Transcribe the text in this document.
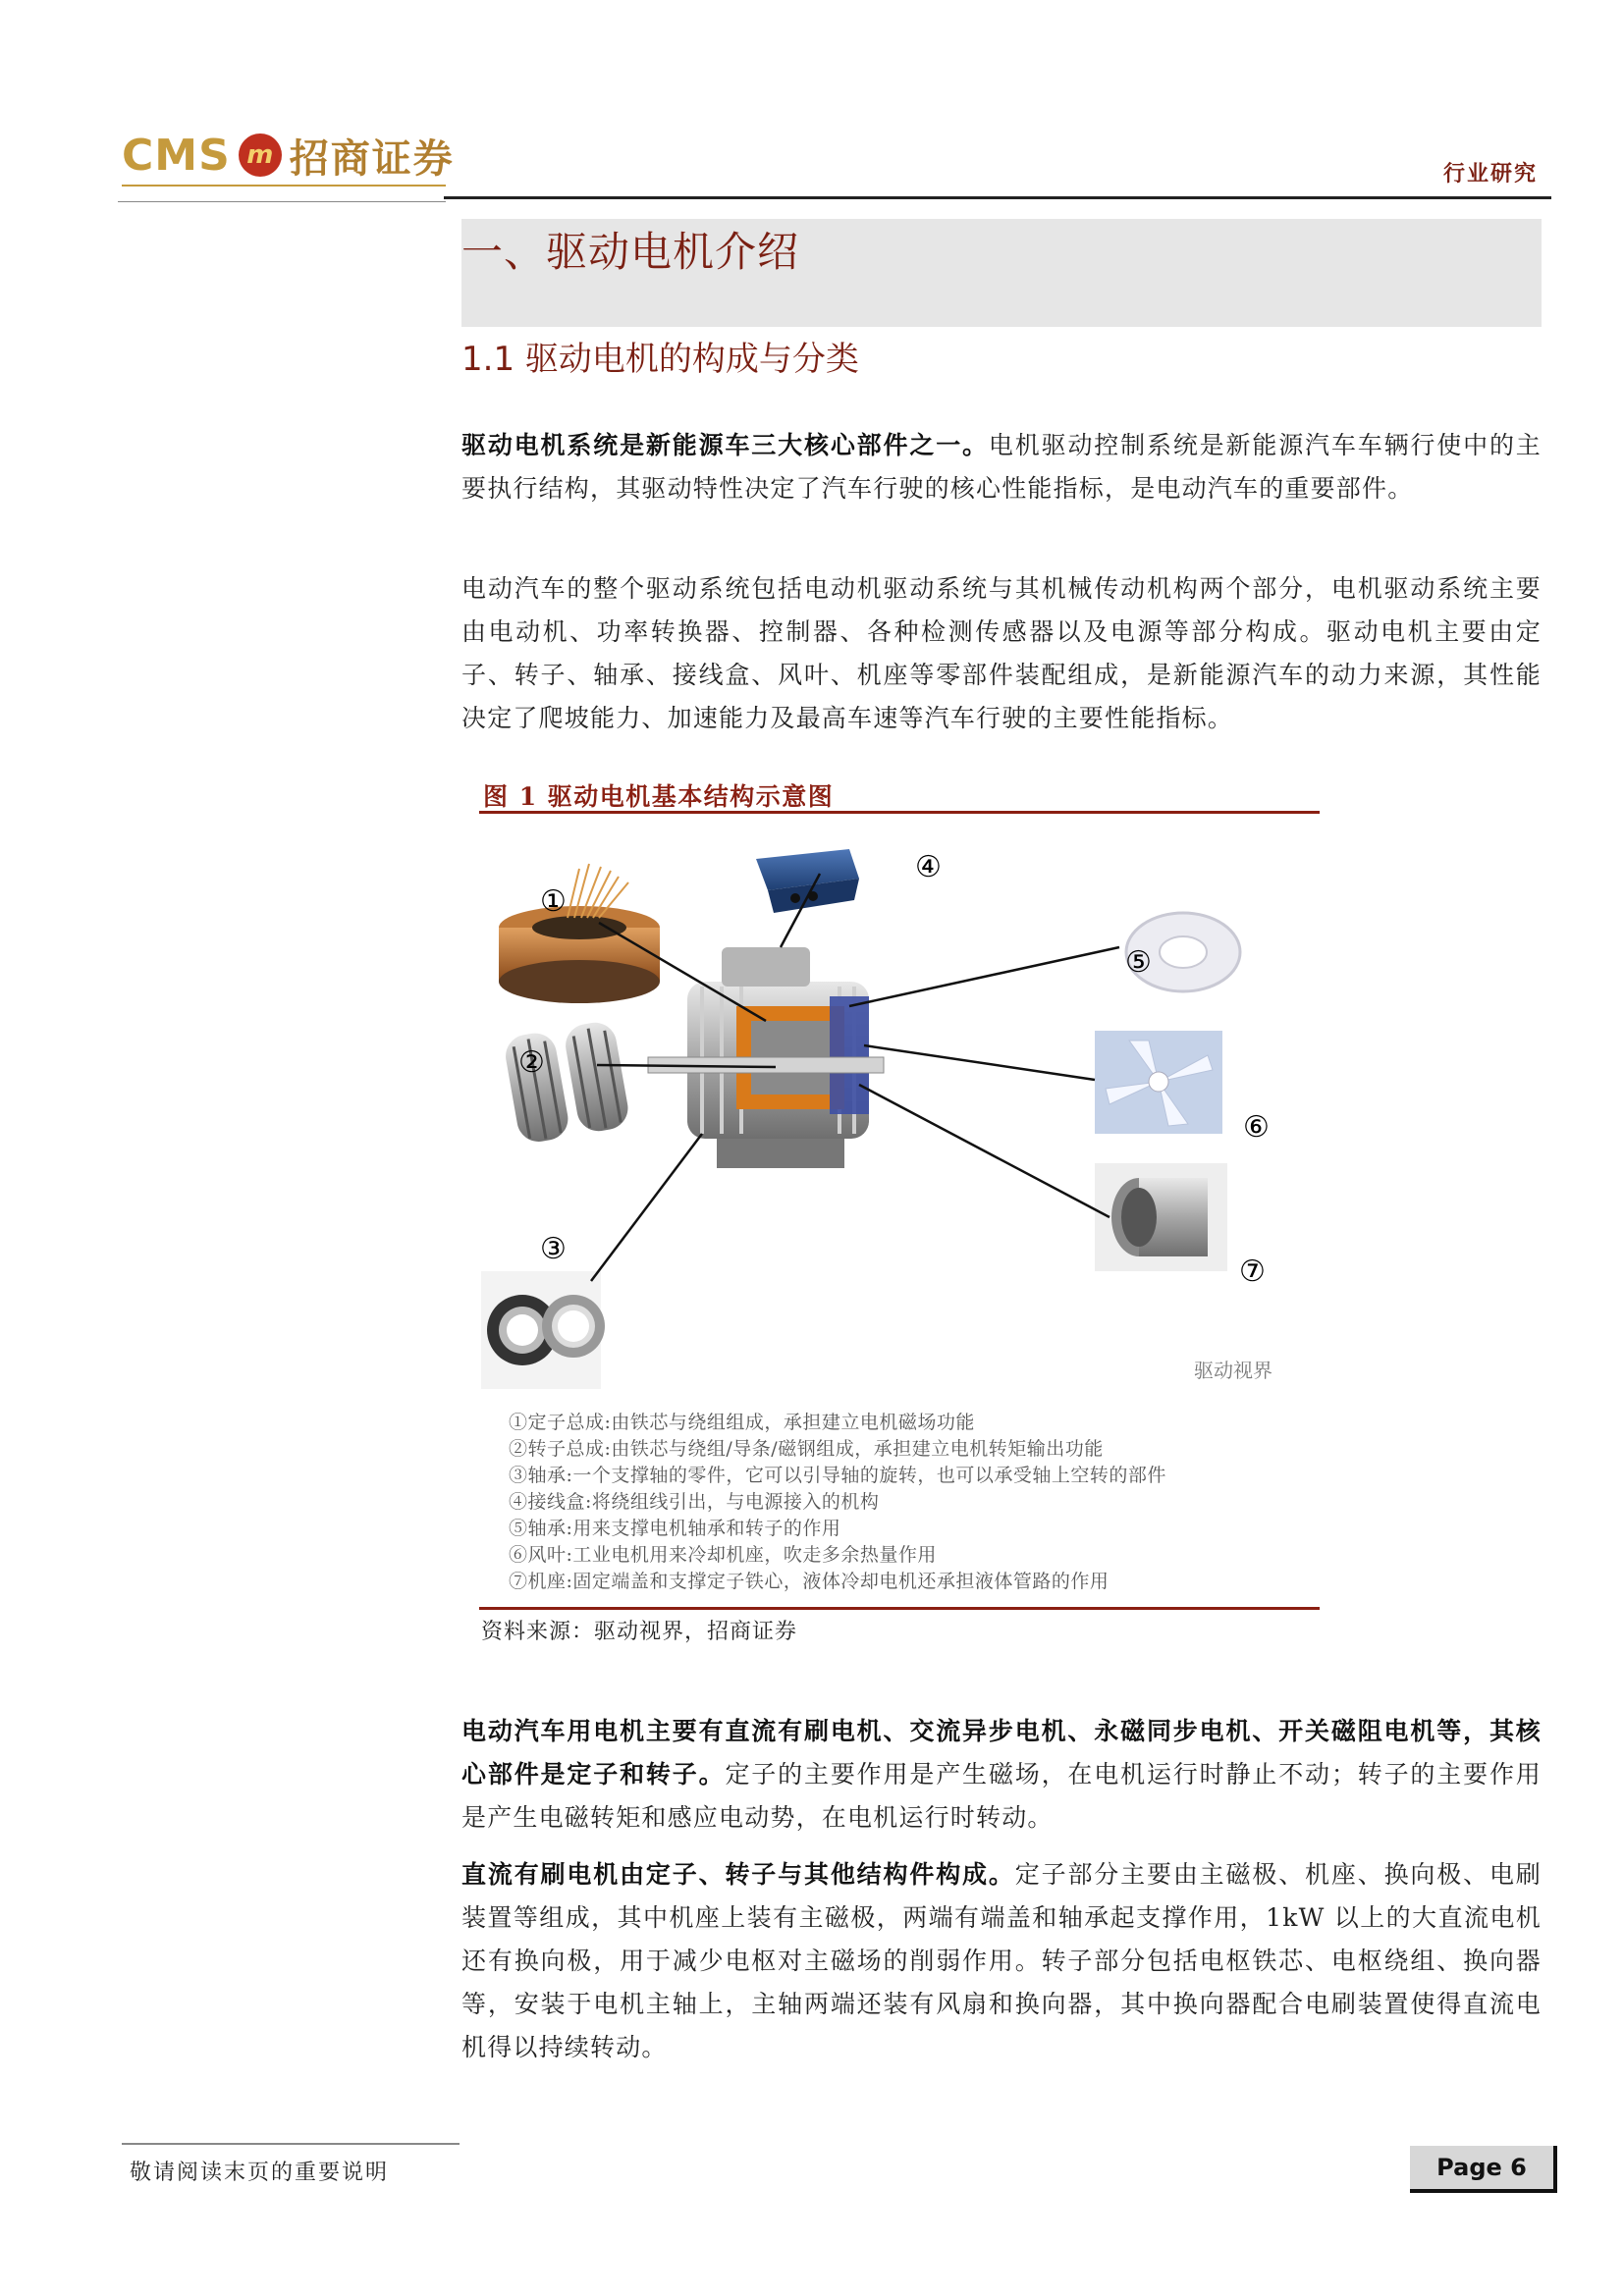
CMS m 招商证券	行业研究
一、驱动电机介绍
1.1 驱动电机的构成与分类

驱动电机系统是新能源车三大核心部件之一。电机驱动控制系统是新能源汽车车辆行使中的主要执行结构，其驱动特性决定了汽车行驶的核心性能指标，是电动汽车的重要部件。

电动汽车的整个驱动系统包括电动机驱动系统与其机械传动机构两个部分，电机驱动系统主要由电动机、功率转换器、控制器、各种检测传感器以及电源等部分构成。驱动电机主要由定子、转子、轴承、接线盒、风叶、机座等零部件装配组成，是新能源汽车的动力来源，其性能决定了爬坡能力、加速能力及最高车速等汽车行驶的主要性能指标。

图 1 驱动电机基本结构示意图
①
②
③
④
⑤
⑥
⑦
驱动视界
①定子总成:由铁芯与绕组组成，承担建立电机磁场功能
②转子总成:由铁芯与绕组/导条/磁钢组成，承担建立电机转矩输出功能
③轴承:一个支撑轴的零件，它可以引导轴的旋转，也可以承受轴上空转的部件
④接线盒:将绕组线引出，与电源接入的机构
⑤轴承:用来支撑电机轴承和转子的作用
⑥风叶:工业电机用来冷却机座，吹走多余热量作用
⑦机座:固定端盖和支撑定子铁心，液体冷却电机还承担液体管路的作用
资料来源：驱动视界，招商证券

电动汽车用电机主要有直流有刷电机、交流异步电机、永磁同步电机、开关磁阻电机等，其核心部件是定子和转子。定子的主要作用是产生磁场，在电机运行时静止不动；转子的主要作用是产生电磁转矩和感应电动势，在电机运行时转动。

直流有刷电机由定子、转子与其他结构件构成。定子部分主要由主磁极、机座、换向极、电刷装置等组成，其中机座上装有主磁极，两端有端盖和轴承起支撑作用，1kW 以上的大直流电机还有换向极，用于减少电枢对主磁场的削弱作用。转子部分包括电枢铁芯、电枢绕组、换向器等，安装于电机主轴上，主轴两端还装有风扇和换向器，其中换向器配合电刷装置使得直流电机得以持续转动。

敬请阅读末页的重要说明	Page 6
